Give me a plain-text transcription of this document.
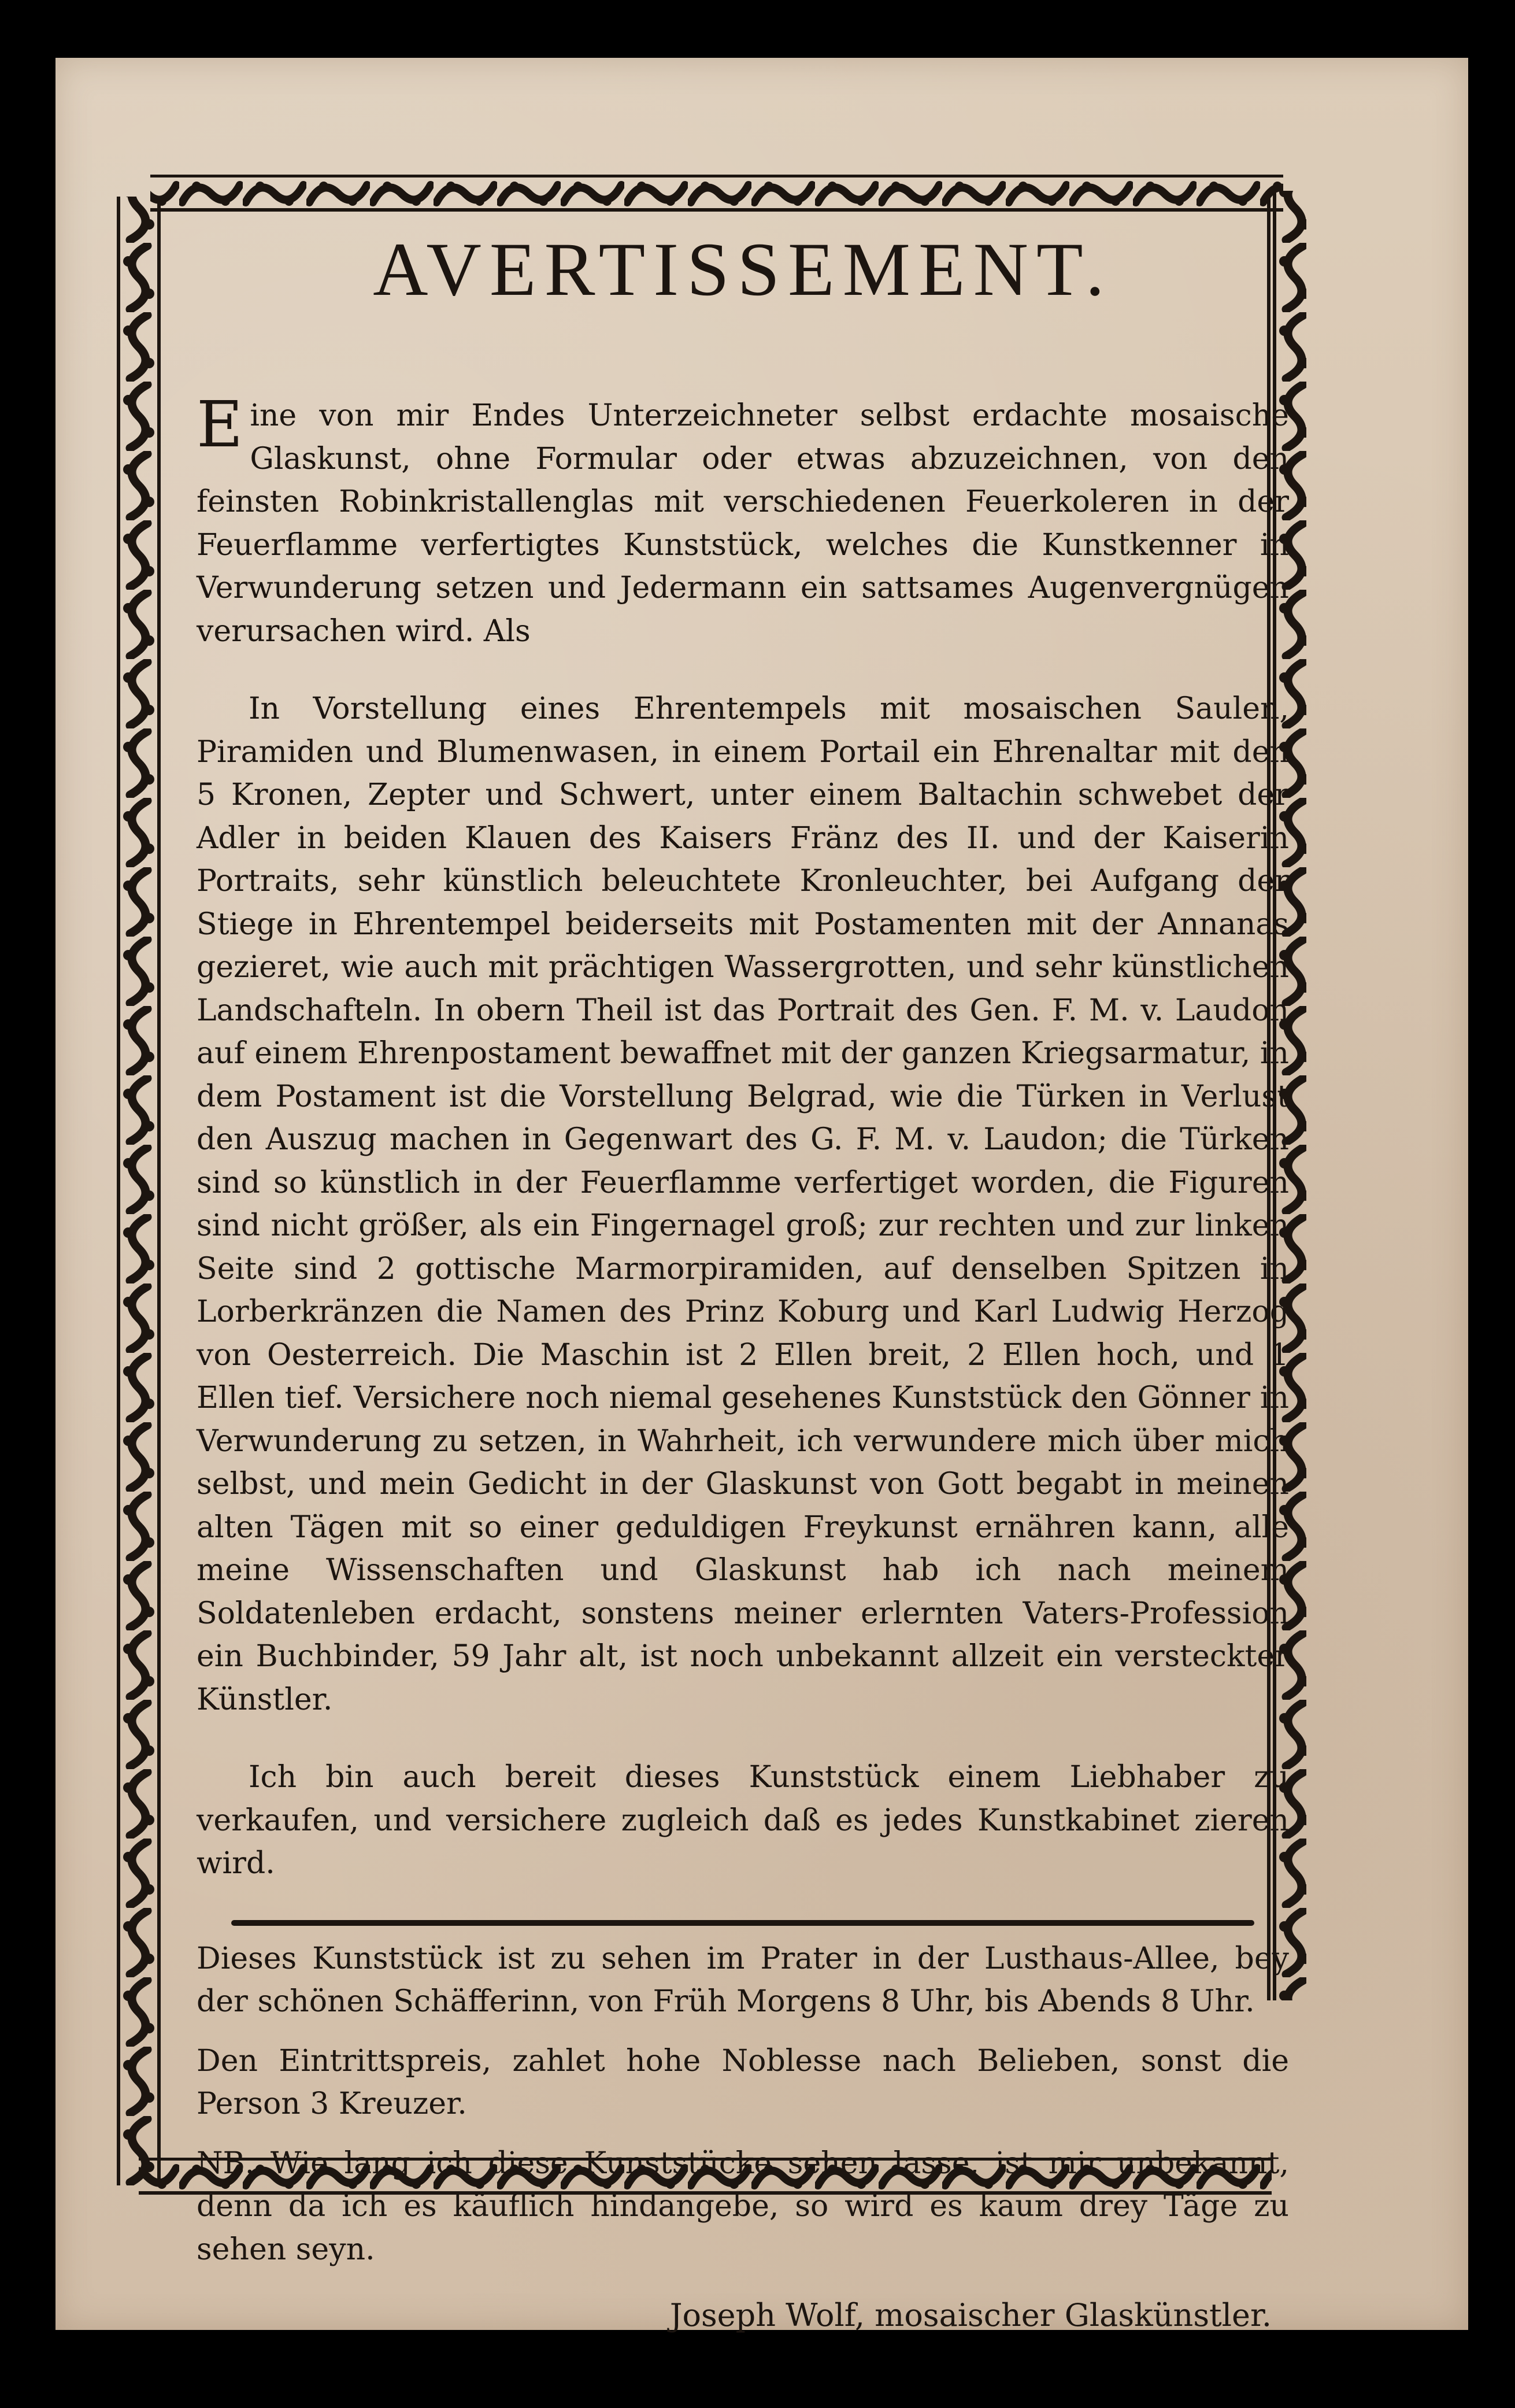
AVERTISSEMENT.

Eine von mir Endes Unterzeichneter selbst erdachte mosaische Glaskunst, ohne Formular oder etwas abzuzeichnen, von den feinsten Robinkristallenglas mit verschiedenen Feuerkoleren in der Feuerflamme verfertigtes Kunststück, welches die Kunstkenner in Verwunderung setzen und Jedermann ein sattsames Augenvergnügen verursachen wird. Als

In Vorstellung eines Ehrentempels mit mosaischen Saulen, Piramiden und Blumenwasen, in einem Portail ein Ehrenaltar mit den 5 Kronen, Zepter und Schwert, unter einem Baltachin schwebet der Adler in beiden Klauen des Kaisers Fränz des II. und der Kaiserin Portraits, sehr künstlich beleuchtete Kronleuchter, bei Aufgang der Stiege in Ehrentempel beiderseits mit Postamenten mit der Annanas gezieret, wie auch mit prächtigen Wassergrotten, und sehr künstlichen Landschafteln. In obern Theil ist das Portrait des Gen. F. M. v. Laudon auf einem Ehrenpostament bewaffnet mit der ganzen Kriegsarmatur, in dem Postament ist die Vorstellung Belgrad, wie die Türken in Verlust den Auszug machen in Gegenwart des G. F. M. v. Laudon; die Türken sind so künstlich in der Feuerflamme verfertiget worden, die Figuren sind nicht größer, als ein Fingernagel groß; zur rechten und zur linken Seite sind 2 gottische Marmorpiramiden, auf denselben Spitzen in Lorberkränzen die Namen des Prinz Koburg und Karl Ludwig Herzog von Oesterreich. Die Maschin ist 2 Ellen breit, 2 Ellen hoch, und 1 Ellen tief. Versichere noch niemal gesehenes Kunststück den Gönner in Verwunderung zu setzen, in Wahrheit, ich verwundere mich über mich selbst, und mein Gedicht in der Glaskunst von Gott begabt in meinen alten Tägen mit so einer geduldigen Freykunst ernähren kann, alle meine Wissenschaften und Glaskunst hab ich nach meinem Soldatenleben erdacht, sonstens meiner erlernten Vaters-Profession ein Buchbinder, 59 Jahr alt, ist noch unbekannt allzeit ein versteckter Künstler.

Ich bin auch bereit dieses Kunststück einem Liebhaber zu verkaufen, und versichere zugleich daß es jedes Kunstkabinet zieren wird.

Dieses Kunststück ist zu sehen im Prater in der Lusthaus-Allee, bey der schönen Schäfferinn, von Früh Morgens 8 Uhr, bis Abends 8 Uhr.

Den Eintrittspreis, zahlet hohe Noblesse nach Belieben, sonst die Person 3 Kreuzer.

NB. Wie lang ich diese Kunststücke sehen lasse, ist mir unbekannt, denn da ich es käuflich hindangebe, so wird es kaum drey Täge zu sehen seyn.

Joseph Wolf, mosaischer Glaskünstler.
